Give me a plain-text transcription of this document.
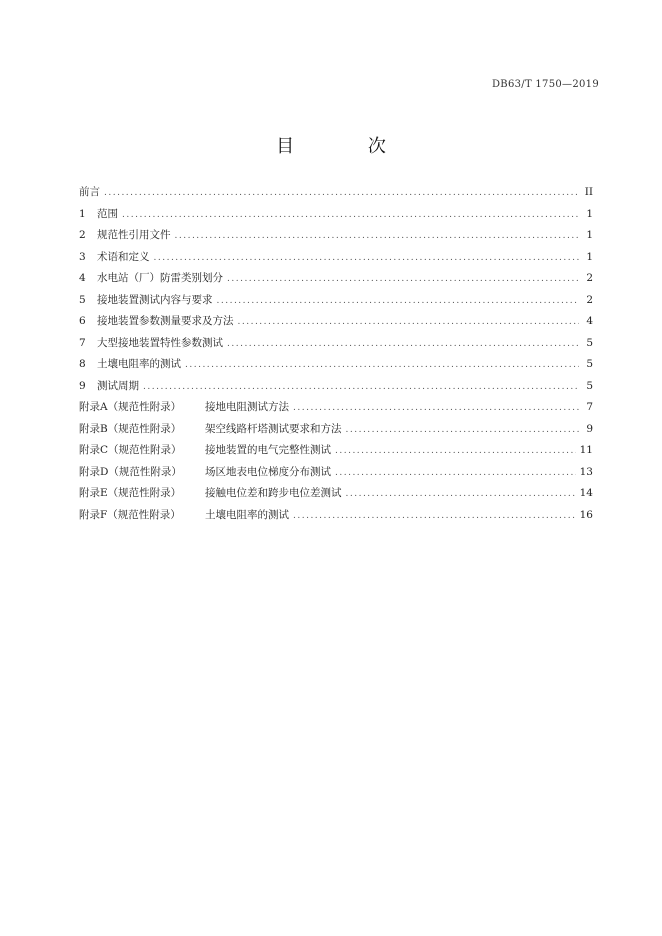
DB63/T 1750—2019
目 次
前言 .....	II
1	范围 .....	1
2	规范性引用文件 .....	1
3	术语和定义 .....	1
4	水电站（厂）防雷类别划分 .....	2
5	接地装置测试内容与要求 .....	2
6	接地装置参数测量要求及方法 .....	4
7	大型接地装置特性参数测试 .....	5
8	土壤电阻率的测试 .....	5
9	测试周期 .....	5
附录A（规范性附录）	接地电阻测试方法 .....	7
附录B（规范性附录）	架空线路杆塔测试要求和方法 .....	9
附录C（规范性附录）	接地装置的电气完整性测试 .....	11
附录D（规范性附录）	场区地表电位梯度分布测试 .....	13
附录E（规范性附录）	接触电位差和跨步电位差测试 .....	14
附录F（规范性附录）	土壤电阻率的测试 .....	16
